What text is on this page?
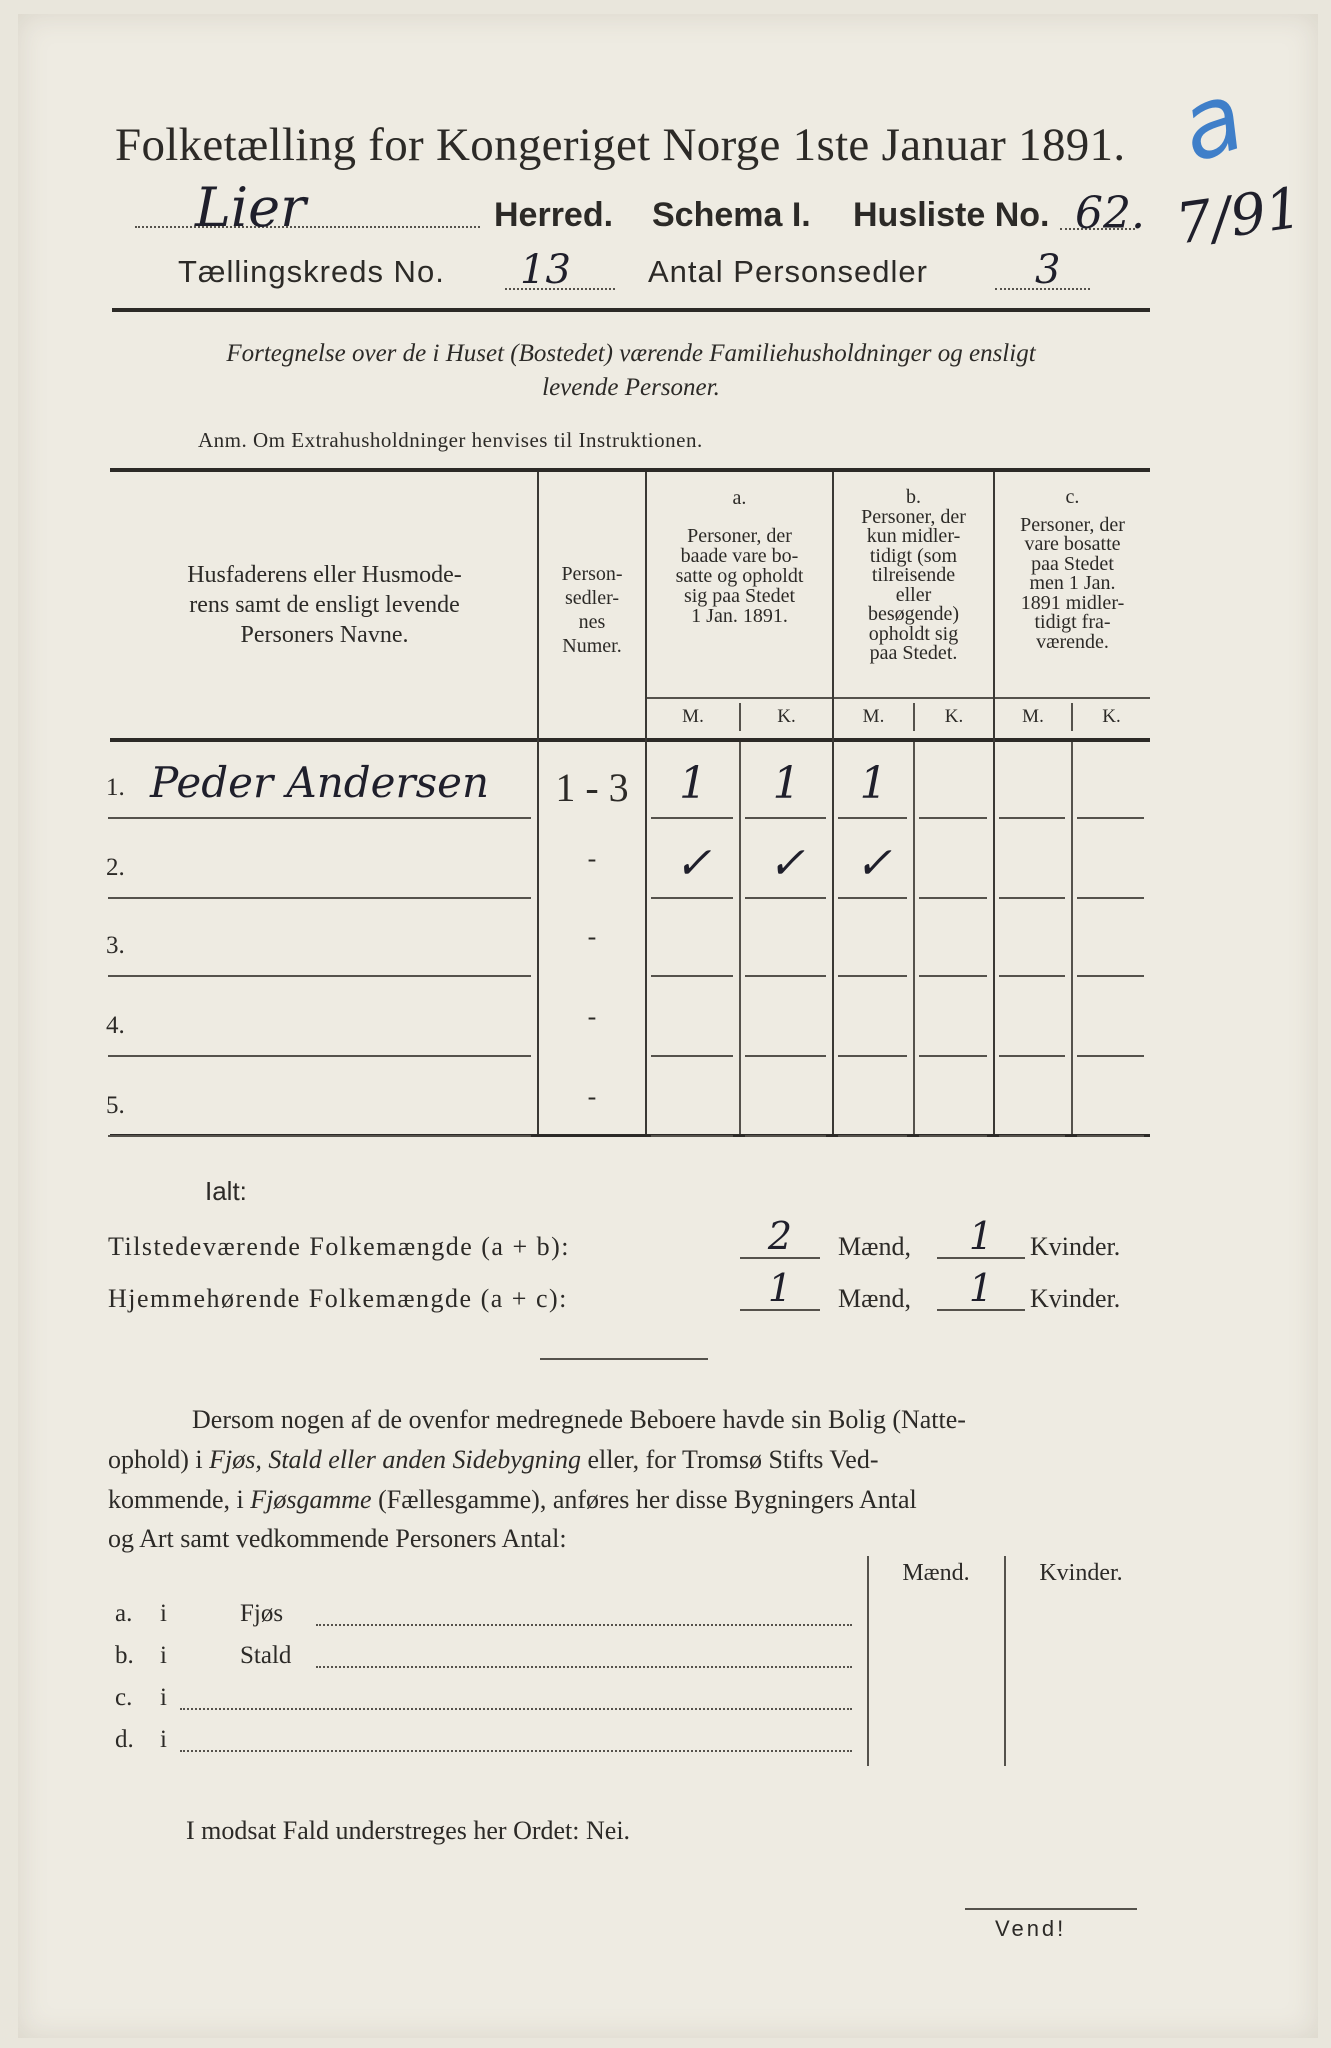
Folketælling for Kongeriget Norge 1ste Januar 1891. a
Lier	Herred. Schema I. Husliste No. 62. 7/91
Tællingskreds No. 13 Antal Personsedler	3
Fortegnelse over de i Huset (Bostedet) værende Familiehusholdninger og ensligt
levende Personer.
Anm. Om Extrahusholdninger henvises til Instruktionen.
Husfaderens eller Husmode-
rens samt de ensligt levende
Personers Navne.
Person-
sedler-
nes
Numer.
a.
Personer, der
baade vare bo-
satte og opholdt
sig paa Stedet
1 Jan. 1891.
b.
Personer, der
kun midler-
tidigt (som
tilreisende
eller
besøgende)
opholdt sig
paa Stedet.
c.
Personer, der
vare bosatte
paa Stedet
men 1 Jan.
1891 midler-
tidigt fra-
værende.
M.	K.	M.	K.	M.	K.
1. Peder Andersen	1 - 3	1	1	1
2.	-	✓	✓	✓
3.	-
4.	-
5.	-
Ialt:
Tilstedeværende Folkemængde (a + b):	2	Mænd,	1	Kvinder.
Hjemmehørende Folkemængde (a + c):	1	Mænd,	1	Kvinder.
Dersom nogen af de ovenfor medregnede Beboere havde sin Bolig (Natte-
ophold) i Fjøs, Stald eller anden Sidebygning eller, for Tromsø Stifts Ved-
kommende, i Fjøsgamme (Fællesgamme), anføres her disse Bygningers Antal
og Art samt vedkommende Personers Antal:
Mænd.	Kvinder.
a. i	Fjøs
b. i	Stald
c. i
d. i
I modsat Fald understreges her Ordet: Nei.
Vend!
